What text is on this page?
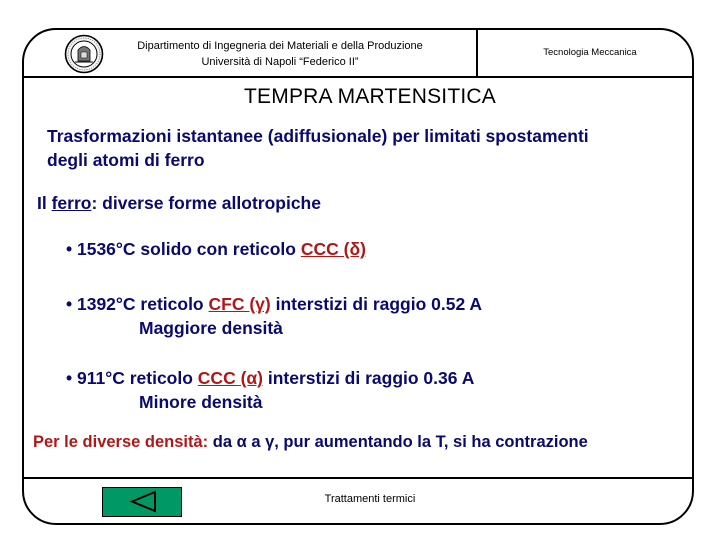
Dipartimento di Ingegneria dei Materiali e della Produzione
Università di Napoli “Federico II”
Tecnologia Meccanica
TEMPRA MARTENSITICA
Trasformazioni istantanee (adiffusionale) per limitati spostamenti
degli atomi di ferro
Il ferro: diverse forme allotropiche
• 1536°C solido con reticolo CCC (δ)
• 1392°C reticolo CFC (γ) interstizi di raggio 0.52 A
Maggiore densità
• 911°C reticolo CCC (α) interstizi di raggio 0.36 A
Minore densità
Per le diverse densità: da α a γ, pur aumentando la T, si ha contrazione
Trattamenti termici
